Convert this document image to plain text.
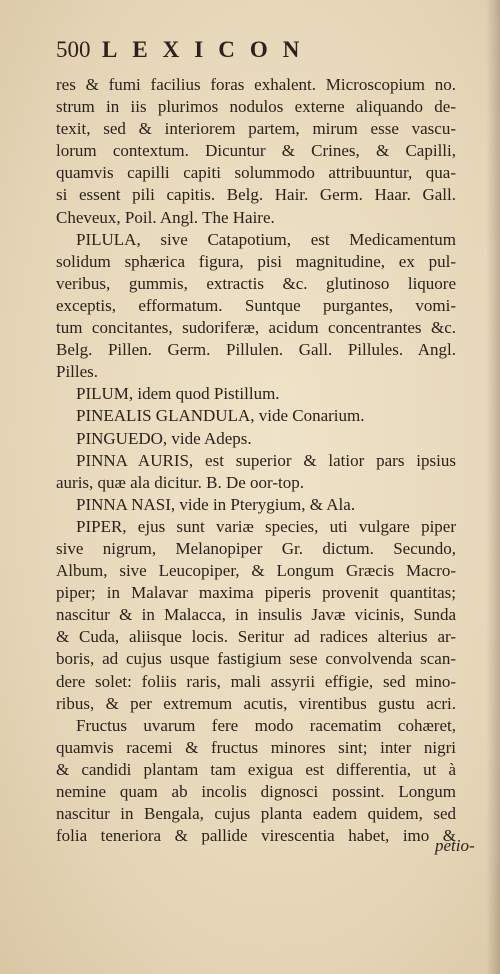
500 LEXICON
res & fumi facilius foras exhalent. Microscopium no.
strum in iis plurimos nodulos externe aliquando de-
texit, sed & interiorem partem, mirum esse vascu-
lorum contextum. Dicuntur & Crines, & Capilli,
quamvis capilli capiti solummodo attribuuntur, qua-
si essent pili capitis. Belg. Hair. Germ. Haar. Gall.
Cheveux, Poil. Angl. The Haire.
PILULA, sive Catapotium, est Medicamentum
solidum sphærica figura, pisi magnitudine, ex pul-
veribus, gummis, extractis &c. glutinoso liquore
exceptis, efformatum. Suntque purgantes, vomi-
tum concitantes, sudoriferæ, acidum concentrantes &c.
Belg. Pillen. Germ. Pillulen. Gall. Pillules. Angl.
Pilles.
PILUM, idem quod Pistillum.
PINEALIS GLANDULA, vide Conarium.
PINGUEDO, vide Adeps.
PINNA AURIS, est superior & latior pars ipsius
auris, quæ ala dicitur. B. De oor-top.
PINNA NASI, vide in Pterygium, & Ala.
PIPER, ejus sunt variæ species, uti vulgare piper
sive nigrum, Melanopiper Gr. dictum. Secundo,
Album, sive Leucopiper, & Longum Græcis Macro-
piper; in Malavar maxima piperis provenit quantitas;
nascitur & in Malacca, in insulis Javæ vicinis, Sunda
& Cuda, aliisque locis. Seritur ad radices alterius ar-
boris, ad cujus usque fastigium sese convolvenda scan-
dere solet: foliis raris, mali assyrii effigie, sed mino-
ribus, & per extremum acutis, virentibus gustu acri.
Fructus uvarum fere modo racematim cohæret,
quamvis racemi & fructus minores sint; inter nigri
& candidi plantam tam exigua est differentia, ut à
nemine quam ab incolis dignosci possint. Longum
nascitur in Bengala, cujus planta eadem quidem, sed
folia teneriora & pallide virescentia habet, imo &
petio-
